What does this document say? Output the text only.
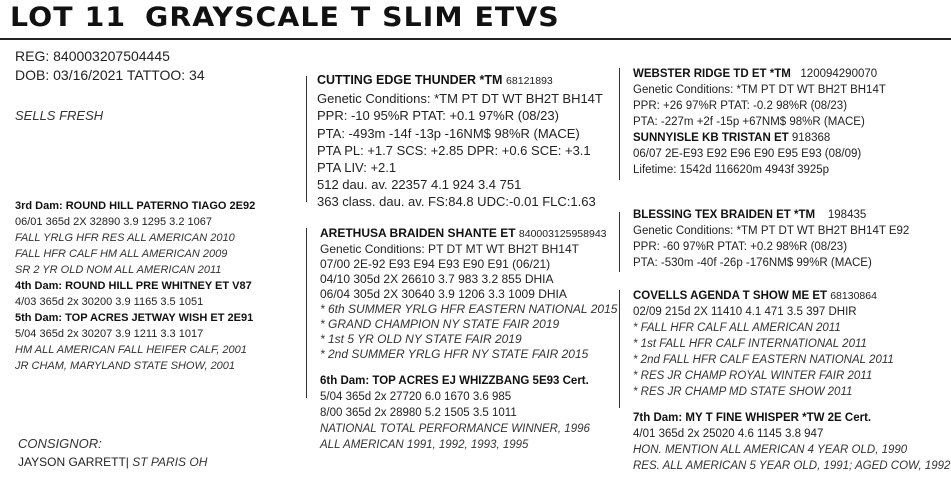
LOT 11 GRAYSCALE T SLIM ETVS
REG: 840003207504445
DOB: 03/16/2021 TATTOO: 34
SELLS FRESH
3rd Dam: ROUND HILL PATERNO TIAGO 2E92
06/01 365d 2X 32890 3.9 1295 3.2 1067
FALL YRLG HFR RES ALL AMERICAN 2010
FALL HFR CALF HM ALL AMERICAN 2009
SR 2 YR OLD NOM ALL AMERICAN 2011
4th Dam: ROUND HILL PRE WHITNEY ET V87
4/03 365d 2x 30200 3.9 1165 3.5 1051
5th Dam: TOP ACRES JETWAY WISH ET 2E91
5/04 365d 2x 30207 3.9 1211 3.3 1017
HM ALL AMERICAN FALL HEIFER CALF, 2001
JR CHAM, MARYLAND STATE SHOW, 2001
CONSIGNOR:
JAYSON GARRETT| ST PARIS OH
CUTTING EDGE THUNDER *TM 68121893
Genetic Conditions: *TM PT DT WT BH2T BH14T
PPR: -10 95%R PTAT: +0.1 97%R (08/23)
PTA: -493m -14f -13p -16NM$ 98%R (MACE)
PTA PL: +1.7 SCS: +2.85 DPR: +0.6 SCE: +3.1
PTA LIV: +2.1
512 dau. av. 22357 4.1 924 3.4 751
363 class. dau. av. FS:84.8 UDC:-0.01 FLC:1.63
ARETHUSA BRAIDEN SHANTE ET 840003125958943
Genetic Conditions: PT DT MT WT BH2T BH14T
07/00 2E-92 E93 E94 E93 E90 E91 (06/21)
04/10 305d 2X 26610 3.7 983 3.2 855 DHIA
06/04 305d 2X 30640 3.9 1206 3.3 1009 DHIA
* 6th SUMMER YRLG HFR EASTERN NATIONAL 2015
* GRAND CHAMPION NY STATE FAIR 2019
* 1st 5 YR OLD NY STATE FAIR 2019
* 2nd SUMMER YRLG HFR NY STATE FAIR 2015
6th Dam: TOP ACRES EJ WHIZZBANG 5E93 Cert.
5/04 365d 2x 27720 6.0 1670 3.6 985
8/00 365d 2x 28980 5.2 1505 3.5 1011
NATIONAL TOTAL PERFORMANCE WINNER, 1996
ALL AMERICAN 1991, 1992, 1993, 1995
WEBSTER RIDGE TD ET *TM 120094290070
Genetic Conditions: *TM PT DT WT BH2T BH14T
PPR: +26 97%R PTAT: -0.2 98%R (08/23)
PTA: -227m +2f -15p +67NM$ 98%R (MACE)
SUNNYISLE KB TRISTAN ET 918368
06/07 2E-E93 E92 E96 E90 E95 E93 (08/09)
Lifetime: 1542d 116620m 4943f 3925p
BLESSING TEX BRAIDEN ET *TM 198435
Genetic Conditions: *TM PT DT WT BH2T BH14T E92
PPR: -60 97%R PTAT: +0.2 98%R (08/23)
PTA: -530m -40f -26p -176NM$ 99%R (MACE)
COVELLS AGENDA T SHOW ME ET 68130864
02/09 215d 2X 11410 4.1 471 3.5 397 DHIR
* FALL HFR CALF ALL AMERICAN 2011
* 1st FALL HFR CALF INTERNATIONAL 2011
* 2nd FALL HFR CALF EASTERN NATIONAL 2011
* RES JR CHAMP ROYAL WINTER FAIR 2011
* RES JR CHAMP MD STATE SHOW 2011
7th Dam: MY T FINE WHISPER *TW 2E Cert.
4/01 365d 2x 25020 4.6 1145 3.8 947
HON. MENTION ALL AMERICAN 4 YEAR OLD, 1990
RES. ALL AMERICAN 5 YEAR OLD, 1991; AGED COW, 1992
